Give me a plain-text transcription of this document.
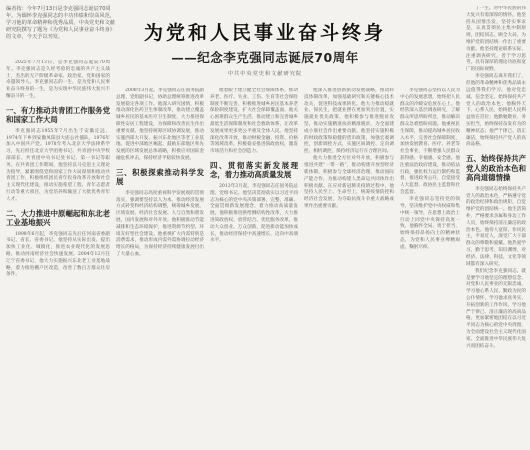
编者按：今年7月13日是李克强同志诞辰70周年。为缅怀李克强同志的丰功伟绩和崇高风范，学习他的革命精神和优秀品质，中央党史和文献研究院撰写了题为《为党和人民事业奋斗终身》的文章，今天予以刊发。	为党和人民事业奋斗终身
——纪念李克强同志诞辰70周年
中共中央党史和文献研究院

2025年7月13日，是李克强同志诞辰70周年。李克强同志是久经考验的忠诚的共产主义战士，杰出的无产阶级革命家、政治家，党和国家的卓越领导人。李克强同志的一生，是为党和人民事业奋斗终身的一生，是为实现中华民族伟大复兴不懈奋斗的一生。

一、有力推动共青团工作服务党和国家工作大局

李克强同志1955年7月出生于安徽定远，1974年下乡到安徽凤阳县大庙公社插队，1976年加入中国共产党。1978年考入北京大学法律系学习，先后担任北京大学团委书记、共青团中央学校部部长、共青团中央书记处书记、第一书记等职务。在共青团工作期间，他坚持以马克思主义理论为指导，紧紧围绕党和国家工作大局谋划和推动共青团工作，积极组织团员青年投身改革开放和社会主义现代化建设，推动实施希望工程、青年志愿者行动等重大项目，为党培养和输送了大批优秀青年人才。

二、大力推进中原崛起和东北老工业基地振兴

1998年6月起，李克强同志先后任河南省委副书记、省长、省委书记。他坚持从实际出发，提出加快工业化、城镇化，推进农业现代化的发展思路，推动河南经济社会快速发展。2004年12月任辽宁省委书记，他大力实施振兴东北老工业基地战略，着力推进棚户区改造，改善了数百万群众住房条件。

2008年3月起，李克强同志任国务院副总理、党组副书记，协助总理统筹推进改革发展稳定各项工作。他深入研究国情，积极推动深化医药卫生体制改革，推动建立覆盖城乡居民的基本医疗卫生制度，大力推进保障性安居工程建设，为保障和改善民生作出重要贡献。他坚持统筹区域协调发展，推动实施西部大开发、振兴东北地区等老工业基地、促进中部地区崛起、鼓励东部地区率先发展的区域发展总体战略，积极应对国际金融危机冲击，保持经济平稳较快发展。

三、积极探索推动科学发展

李克强同志高度重视科学发展观的贯彻落实，强调要坚持以人为本，推动经济发展方式转变和经济结构调整，统筹城乡发展、区域发展、经济社会发展、人与自然和谐发展、国内发展和对外开放。他积极推动节能减排和生态环境保护，推进资源节约型、环境友好型社会建设。他重视扩大内需特别是消费需求，推动形成内需外需协调拉动经济增长的格局，为保持经济持续健康发展付出了大量心血。

他着眼于建立健全社会保障体系，推动养老、医疗、失业、工伤、生育等社会保险制度不断完善，积极推进城乡居民基本养老保险制度建设，扩大社会保障覆盖面。他关心困难群众生产生活，推动建立和完善城乡最低生活保障制度和社会救助体系，让改革发展成果更多更公平惠及全体人民。他坚持深化改革开放，推动财税金融、投资、价格等领域改革，积极稳妥推进简政放权，激发市场活力和社会创造力。

四、贯彻落实新发展理念，着力推动高质量发展

2013年3月起，李克强同志任国务院总理、党组书记。他坚决贯彻落实以习近平同志为核心的党中央决策部署，完整、准确、全面贯彻新发展理念，着力推动高质量发展。他积极推进供给侧结构性改革，大力推进简政放权、放管结合、优化服务改革，推动大众创业、万众创新，促进新动能加快成长，推动经济保持中高速增长、迈向中高端水平。

他深入推进创新驱动发展战略，推动科技体制改革，加强基础研究和关键核心技术攻关，促进科技成果转化。他大力推动稳就业、保民生，把就业摆在更加突出位置，实施就业优先政策。他积极参与推进脱贫攻坚，推动实施精准扶贫精准脱贫，为全面建成小康社会作出重要贡献。他坚持实施积极的财政政策和稳健的货币政策，加强宏观调控，创新调控方式，实施区间调控、定向调控、相机调控，保持经济运行在合理区间。

他大力推进全方位对外开放，积极参与推进共建“一带一路”，推动构建开放型经济新体制，积极参与全球经济治理，推动国际产能合作，为推动构建人类命运共同体作出积极贡献。在应对新冠肺炎疫情过程中，他坚持人民至上、生命至上，统筹疫情防控和经济社会发展，为夺取抗疫斗争重大战略成果作出重要贡献。

李克强同志坚持以人民为中心的发展思想，始终把人民群众的冷暖安危放在心上。他经常深入基层调查研究，了解群众所思所盼所急，推动解决群众急难愁盼问题。他重视民生保障，推动提高城乡居民收入水平，完善社会保障制度，加快发展教育、医疗、养老等社会事业，不断增强人民群众获得感、幸福感、安全感。他注重法治政府建设，推动依法行政，强化权力运行制约和监督，推进政务公开，自觉接受人大监督、政协民主监督和社会监督。

李克强同志坚持党的领导，坚决维护党中央权威和集中统一领导，在思想上政治上行动上同党中央保持高度一致。他胸怀全局、勇于担当，始终保持昂扬向上的精神状态，为党和人民事业殚精竭虑、鞠躬尽瘁。

了一生。对中华民族的伟大复兴有着深厚的情怀。他坚持从国情出发，坚持实事求是，认真贯彻民主集中制原则，团结同志，顾全大局，为维护党的团结统一作出了重要贡献。他坚持理论联系实际，注重调查研究，善于学习思考，具有深厚的理论功底和宽广的国际视野。

李克强同志离开我们了，但他的革命精神和优秀品质永远值得我们学习。他对党忠诚、信念坚定，始终保持共产党人的政治本色；他胸怀天下、心系人民，始终把人民利益放在首位；他勤勉敬业、务实担当，始终保持奋发有为的精神状态；他严于律己、清正廉洁，始终保持共产党人的高尚品格。

五、始终保持共产党人的政治本色和高尚道德情操

李克强同志始终保持共产党人的政治本色，严格遵守党的政治纪律和政治规矩，自觉维护党的团结统一。他生活简朴，严格要求亲属和身边工作人员，始终保持清正廉洁的政治本色。他待人宽厚，作风民主，平易近人，深受广大干部群众的尊敬和爱戴。他热爱学习，勤于思考，知识渊博，对经济、法律、科技、文化等领域都有深入研究。

我们纪念李克强同志，就是要学习他坚定的理想信念、对党和人民事业的无限忠诚，学习他心系人民、勤政为民的公仆情怀，学习他求真务实、开拓创新的工作作风，学习他严于律己、清正廉洁的高尚品格，更加紧密地团结在以习近平同志为核心的党中央周围，为全面建设社会主义现代化国家、全面推进中华民族伟大复兴而团结奋斗。
